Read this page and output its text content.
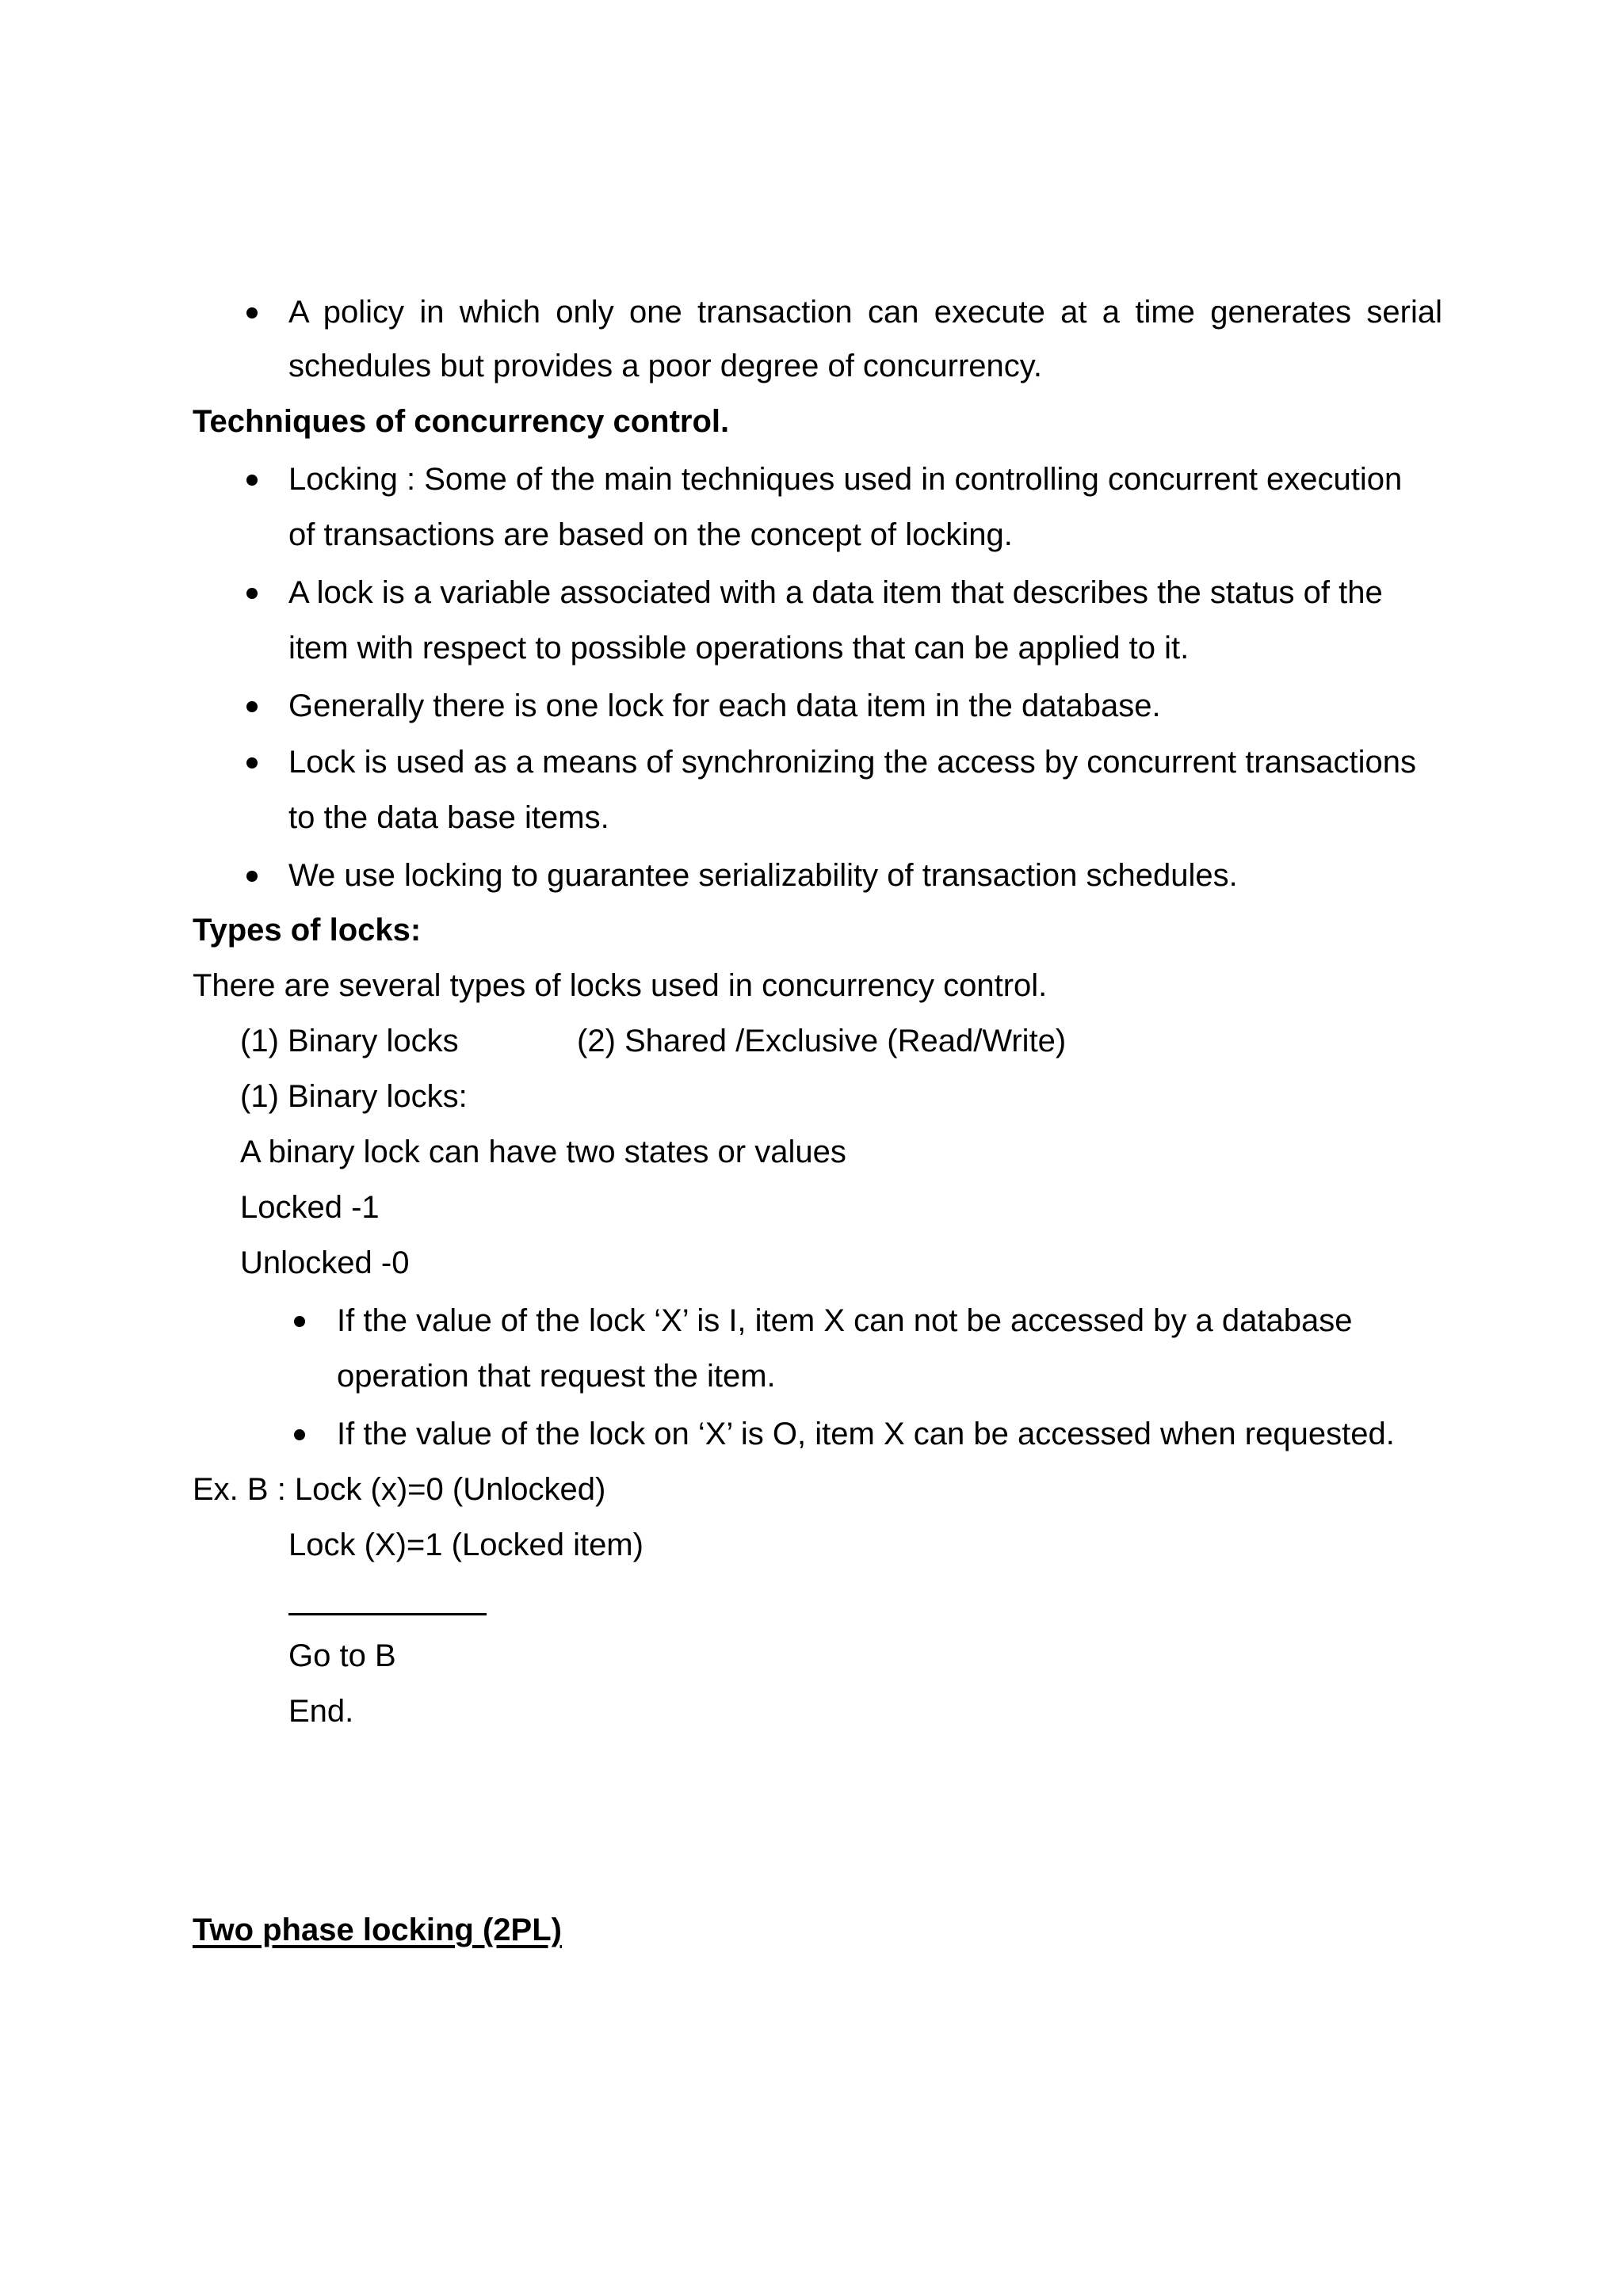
A policy in which only one transaction can execute at a time generates serial
schedules but provides a poor degree of concurrency.
Techniques of concurrency control.
Locking : Some of the main techniques used in controlling concurrent execution
of transactions are based on the concept of locking.
A lock is a variable associated with a data item that describes the status of the
item with respect to possible operations that can be applied to it.
Generally there is one lock for each data item in the database.
Lock is used as a means of synchronizing the access by concurrent transactions
to the data base items.
We use locking to guarantee serializability of transaction schedules.
Types of locks:
There are several types of locks used in concurrency control.
(1) Binary locks	(2) Shared /Exclusive (Read/Write)
(1) Binary locks:
A binary lock can have two states or values
Locked -1
Unlocked -0
If the value of the lock ‘X’ is I, item X can not be accessed by a database
operation that request the item.
If the value of the lock on ‘X’ is O, item X can be accessed when requested.
Ex. B : Lock (x)=0 (Unlocked)
Lock (X)=1 (Locked item)
Go to B
End.
Two phase locking (2PL)
